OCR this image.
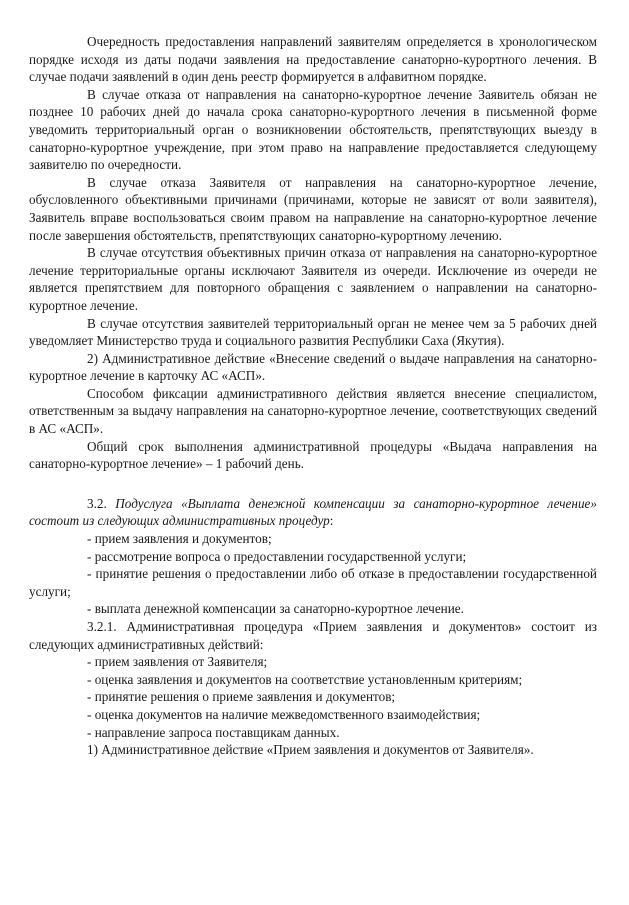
Очередность предоставления направлений заявителям определяется в хронологическом порядке исходя из даты подачи заявления на предоставление санаторно-курортного лечения. В случае подачи заявлений в один день реестр формируется в алфавитном порядке.

В случае отказа от направления на санаторно-курортное лечение Заявитель обязан не позднее 10 рабочих дней до начала срока санаторно-курортного лечения в письменной форме уведомить территориальный орган о возникновении обстоятельств, препятствующих выезду в санаторно-курортное учреждение, при этом право на направление предоставляется следующему заявителю по очередности.

В случае отказа Заявителя от направления на санаторно-курортное лечение, обусловленного объективными причинами (причинами, которые не зависят от воли заявителя), Заявитель вправе воспользоваться своим правом на направление на санаторно-курортное лечение после завершения обстоятельств, препятствующих санаторно-курортному лечению.

В случае отсутствия объективных причин отказа от направления на санаторно-курортное лечение территориальные органы исключают Заявителя из очереди. Исключение из очереди не является препятствием для повторного обращения с заявлением о направлении на санаторно-курортное лечение.

В случае отсутствия заявителей территориальный орган не менее чем за 5 рабочих дней уведомляет Министерство труда и социального развития Республики Саха (Якутия).

2) Административное действие «Внесение сведений о выдаче направления на санаторно-курортное лечение в карточку АС «АСП».

Способом фиксации административного действия является внесение специалистом, ответственным за выдачу направления на санаторно-курортное лечение, соответствующих сведений в АС «АСП».

Общий срок выполнения административной процедуры «Выдача направления на санаторно-курортное лечение» – 1 рабочий день.

3.2. Подуслуга «Выплата денежной компенсации за санаторно-курортное лечение» состоит из следующих административных процедур:

- прием заявления и документов;

- рассмотрение вопроса о предоставлении государственной услуги;

- принятие решения о предоставлении либо об отказе в предоставлении государственной услуги;

- выплата денежной компенсации за санаторно-курортное лечение.

3.2.1. Административная процедура «Прием заявления и документов» состоит из следующих административных действий:

- прием заявления от Заявителя;

- оценка заявления и документов на соответствие установленным критериям;

- принятие решения о приеме заявления и документов;

- оценка документов на наличие межведомственного взаимодействия;

- направление запроса поставщикам данных.

1) Административное действие «Прием заявления и документов от Заявителя».
